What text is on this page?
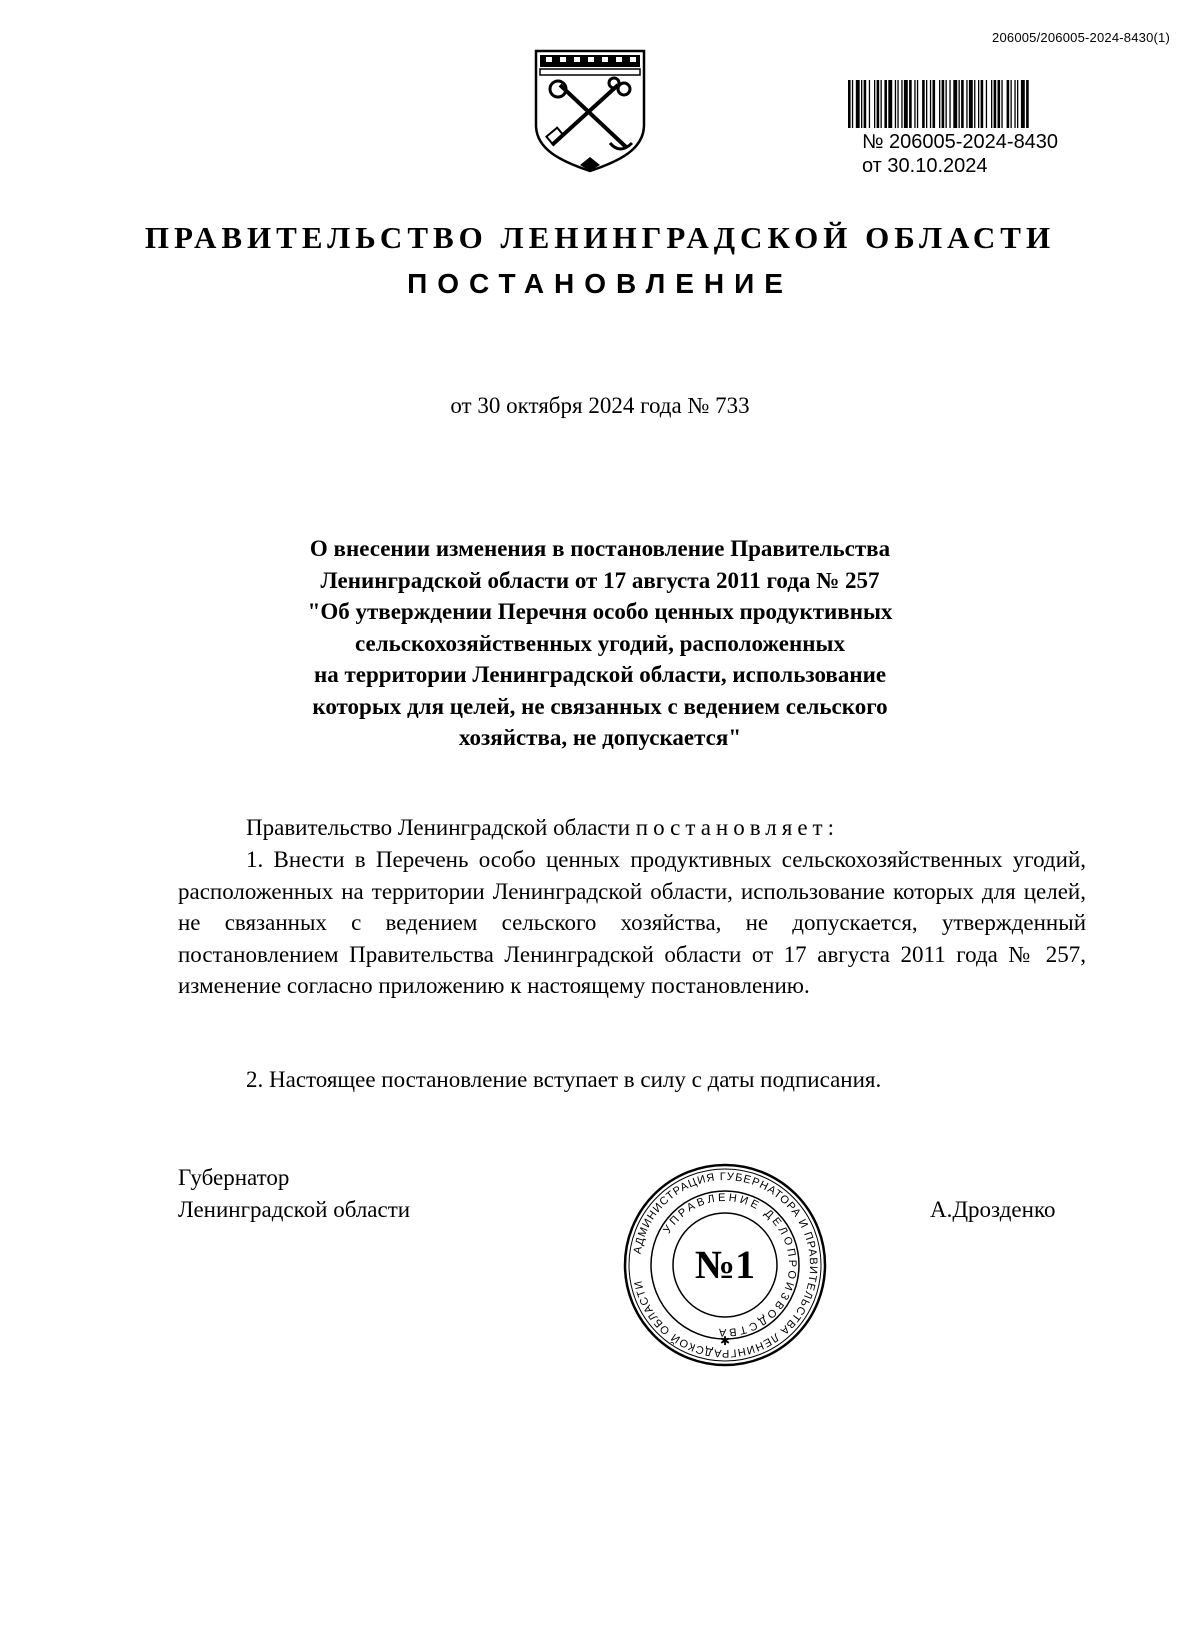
206005/206005-2024-8430(1)
№ 206005-2024-8430
от 30.10.2024
ПРАВИТЕЛЬСТВО ЛЕНИНГРАДСКОЙ ОБЛАСТИ
ПОСТАНОВЛЕНИЕ
от 30 октября 2024 года № 733
О внесении изменения в постановление Правительства
Ленинградской области от 17 августа 2011 года № 257
"Об утверждении Перечня особо ценных продуктивных
сельскохозяйственных угодий, расположенных
на территории Ленинградской области, использование
которых для целей, не связанных с ведением сельского
хозяйства, не допускается"
Правительство Ленинградской области постановляет:
1. Внести в Перечень особо ценных продуктивных сельскохозяйственных угодий, расположенных на территории Ленинградской области, использование которых для целей, не связанных с ведением сельского хозяйства, не допускается, утвержденный постановлением Правительства Ленинградской области от 17 августа 2011 года № 257, изменение согласно приложению к настоящему постановлению.
2. Настоящее постановление вступает в силу с даты подписания.
Губернатор
Ленинградской области	А.Дрозденко
АДМИНИСТРАЦИЯ ГУБЕРНАТОРА И ПРАВИТЕЛЬСТВА ЛЕНИНГРАДСКОЙ ОБЛАСТИ
УПРАВЛЕНИЕ ДЕЛОПРОИЗВОДСТВА
№1
✱
